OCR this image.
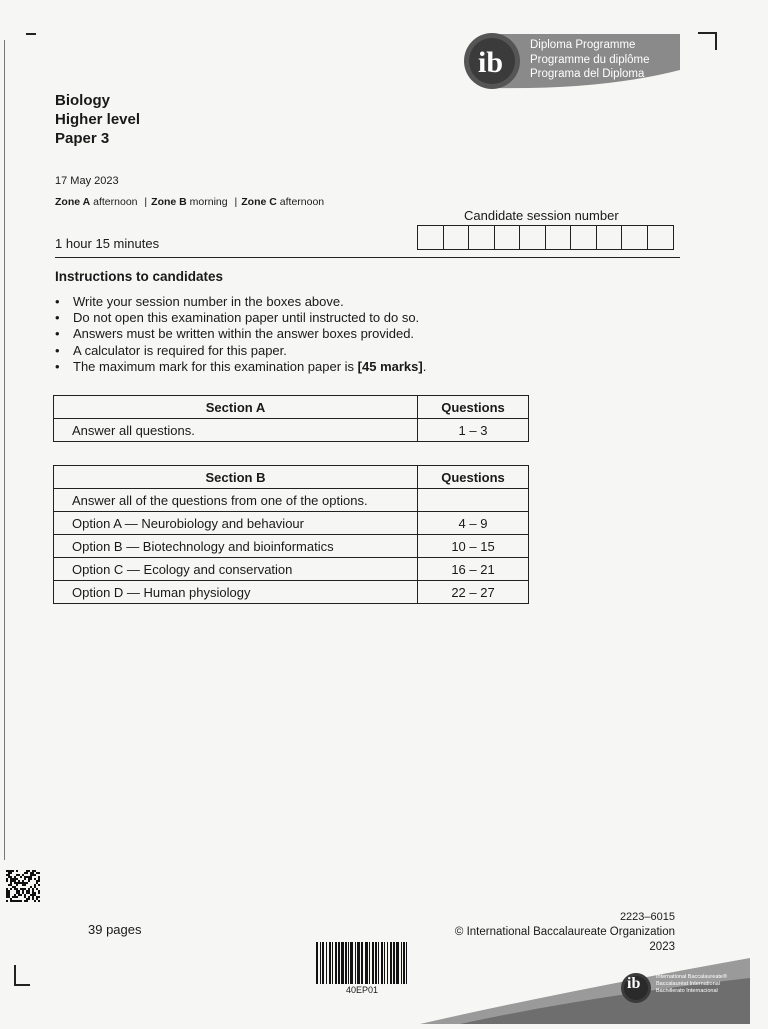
ib
Diploma Programme
Programme du diplôme
Programa del Diploma
Biology
Higher level
Paper 3
17 May 2023
Zone A afternoon | Zone B morning | Zone C afternoon
1 hour 15 minutes
Candidate session number
Instructions to candidates
• Write your session number in the boxes above.
• Do not open this examination paper until instructed to do so.
• Answers must be written within the answer boxes provided.
• A calculator is required for this paper.
• The maximum mark for this examination paper is [45 marks].
Section A	Questions
Answer all questions.	1 – 3
Section B	Questions
Answer all of the questions from one of the options.	
Option A — Neurobiology and behaviour	4 – 9
Option B — Biotechnology and bioinformatics	10 – 15
Option C — Ecology and conservation	16 – 21
Option D — Human physiology	22 – 27
39 pages
2223–6015
© International Baccalaureate Organization 2023
40EP01	ib	International Baccalaureate®
Baccalauréat International
Bachillerato Internacional
